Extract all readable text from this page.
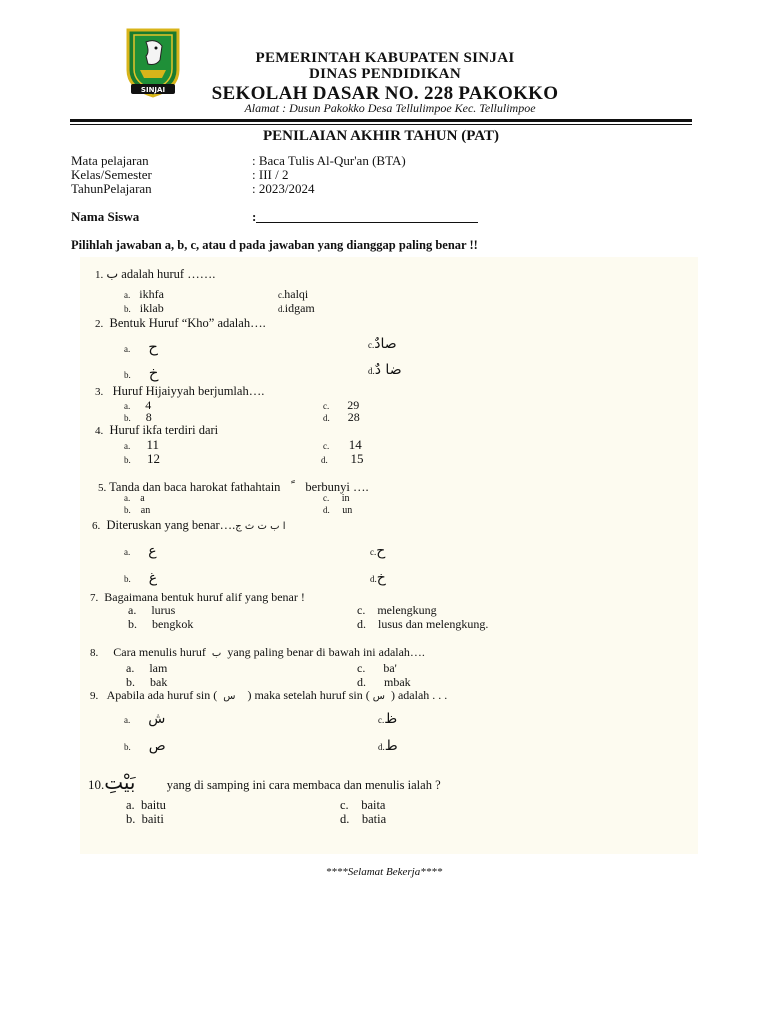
SINJAI
PEMERINTAH KABUPATEN SINJAI
DINAS PENDIDIKAN
SEKOLAH DASAR NO. 228 PAKOKKO
Alamat : Dusun Pakokko Desa Tellulimpoe Kec. Tellulimpoe
PENILAIAN AKHIR TAHUN (PAT)
Mata pelajaran	: Baca Tulis Al-Qur'an (BTA)
Kelas/Semester	: III / 2
TahunPelajaran	: 2023/2024
Nama Siswa	:
Pilihlah jawaban a, b, c, atau d pada jawaban yang dianggap paling benar !!
1. ب adalah huruf …….
a. ikhfa	c.halqi
b. iklab	d.idgam
2. Bentuk Huruf “Kho” adalah….
a. ح	c.صادٌ
b. خ	d.ضا دٌ
3. Huruf Hijaiyyah berjumlah….
a. 4	c. 29
b. 8	d. 28
4. Huruf ikfa terdiri dari
a. 11	c. 14
b. 12	d. 15
5. Tanda dan baca harokat fathahtain berbunyi ….
a. a	c. in
b. an	d. un
6. Diteruskan yang benar….ا ب ت ث ج
a. ع	c.ح
b. غ	d.خ
7. Bagaimana bentuk huruf alif yang benar !
a. lurus	c. melengkung
b. bengkok	d. lusus dan melengkung.
8. Cara menulis huruf ب yang paling benar di bawah ini adalah….
a. lam	c. ba'
b. bak	d. mbak
9. Apabila ada huruf sin ( س ) maka setelah huruf sin ( س ) adalah . . .
a. ش	c.ظ
b. ص	d.ط
10.بَيْتِ	yang di samping ini cara membaca dan menulis ialah ?
a. baitu	c. baita
b. baiti	d. batia
****Selamat Bekerja****
